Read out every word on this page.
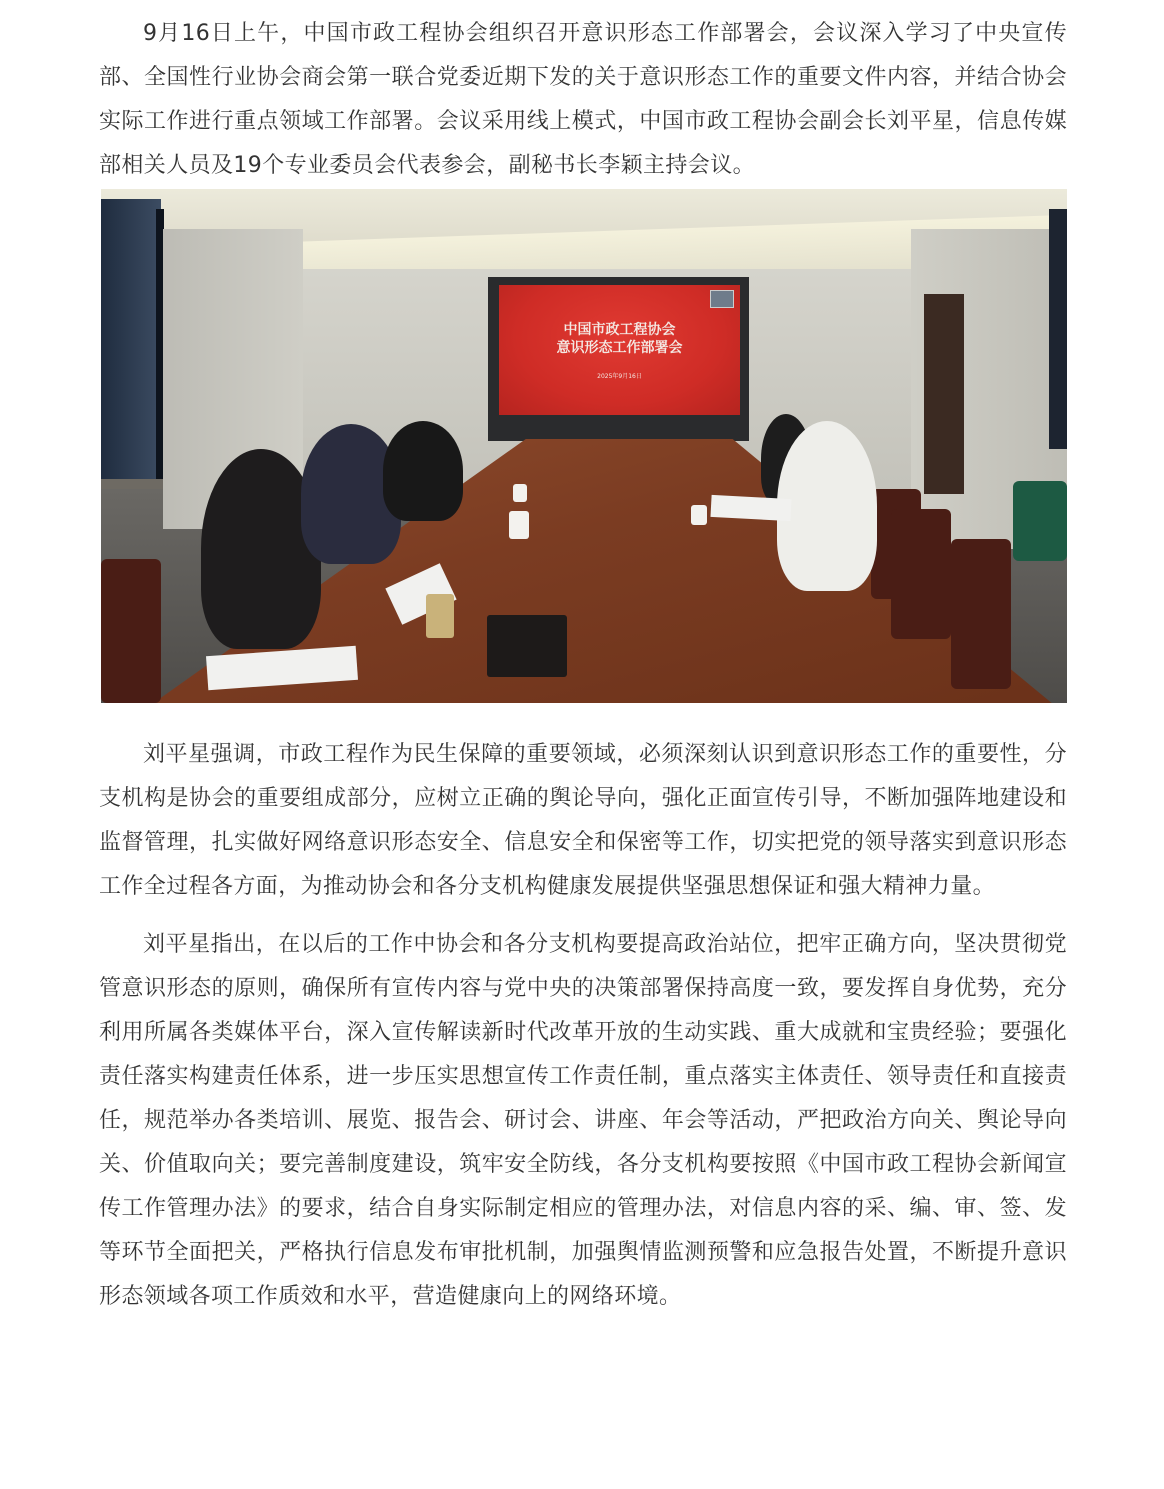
9月16日上午，中国市政工程协会组织召开意识形态工作部署会，会议深入学习了中央宣传部、全国性行业协会商会第一联合党委近期下发的关于意识形态工作的重要文件内容，并结合协会实际工作进行重点领域工作部署。会议采用线上模式，中国市政工程协会副会长刘平星，信息传媒部相关人员及19个专业委员会代表参会，副秘书长李颖主持会议。

中国市政工程协会
意识形态工作部署会
2025年9月16日

刘平星强调，市政工程作为民生保障的重要领域，必须深刻认识到意识形态工作的重要性，分支机构是协会的重要组成部分，应树立正确的舆论导向，强化正面宣传引导，不断加强阵地建设和监督管理，扎实做好网络意识形态安全、信息安全和保密等工作，切实把党的领导落实到意识形态工作全过程各方面，为推动协会和各分支机构健康发展提供坚强思想保证和强大精神力量。

刘平星指出，在以后的工作中协会和各分支机构要提高政治站位，把牢正确方向，坚决贯彻党管意识形态的原则，确保所有宣传内容与党中央的决策部署保持高度一致，要发挥自身优势，充分利用所属各类媒体平台，深入宣传解读新时代改革开放的生动实践、重大成就和宝贵经验；要强化责任落实构建责任体系，进一步压实思想宣传工作责任制，重点落实主体责任、领导责任和直接责任，规范举办各类培训、展览、报告会、研讨会、讲座、年会等活动，严把政治方向关、舆论导向关、价值取向关；要完善制度建设，筑牢安全防线，各分支机构要按照《中国市政工程协会新闻宣传工作管理办法》的要求，结合自身实际制定相应的管理办法，对信息内容的采、编、审、签、发等环节全面把关，严格执行信息发布审批机制，加强舆情监测预警和应急报告处置，不断提升意识形态领域各项工作质效和水平，营造健康向上的网络环境。
